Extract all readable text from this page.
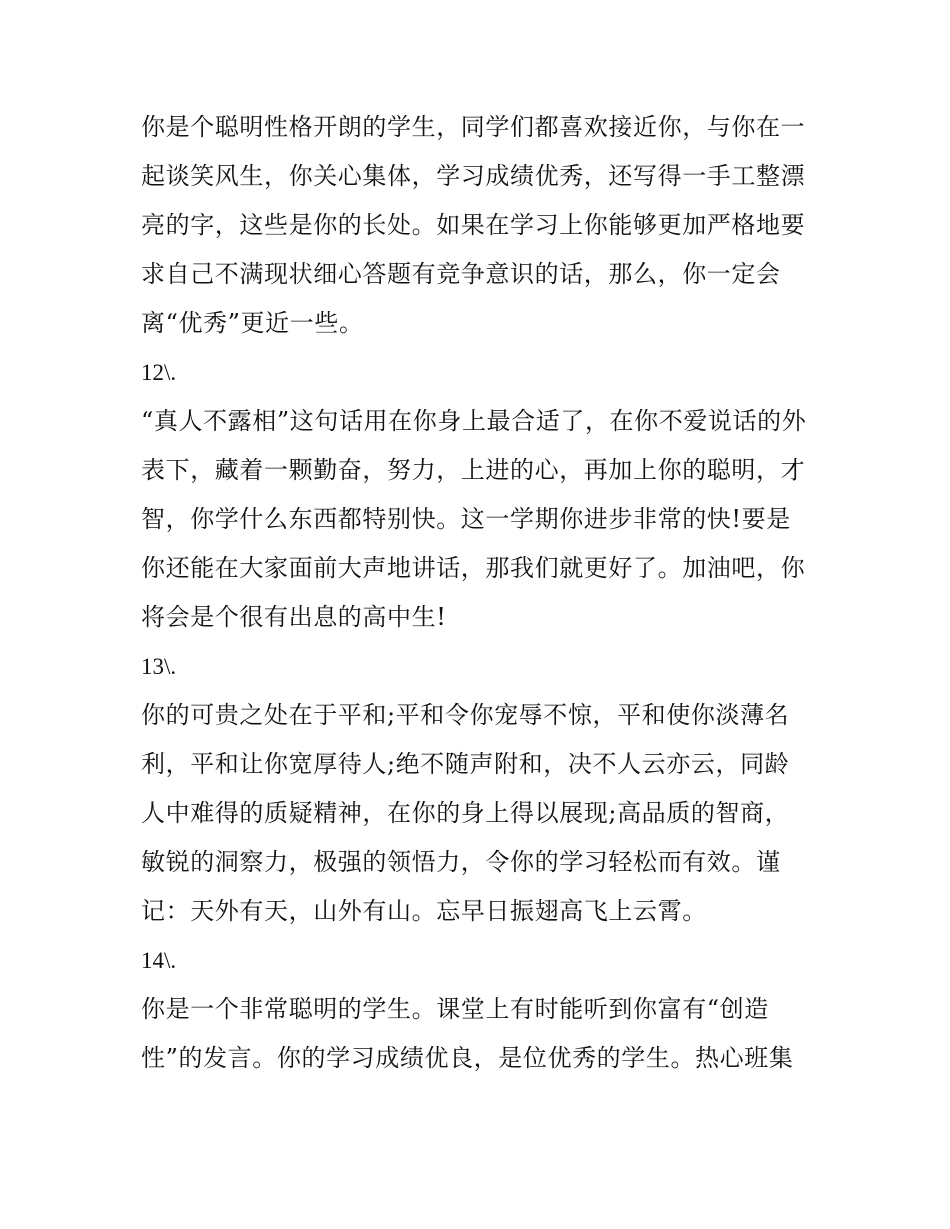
你是个聪明性格开朗的学生，同学们都喜欢接近你，与你在一
起谈笑风生，你关心集体，学习成绩优秀，还写得一手工整漂
亮的字，这些是你的长处。如果在学习上你能够更加严格地要
求自己不满现状细心答题有竞争意识的话，那么，你一定会
离“优秀”更近一些。

12\.

“真人不露相”这句话用在你身上最合适了，在你不爱说话的外
表下，藏着一颗勤奋，努力，上进的心，再加上你的聪明，才
智，你学什么东西都特别快。这一学期你进步非常的快!要是
你还能在大家面前大声地讲话，那我们就更好了。加油吧，你
将会是个很有出息的高中生!

13\.

你的可贵之处在于平和;平和令你宠辱不惊，平和使你淡薄名
利，平和让你宽厚待人;绝不随声附和，决不人云亦云，同龄
人中难得的质疑精神，在你的身上得以展现;高品质的智商，
敏锐的洞察力，极强的领悟力，令你的学习轻松而有效。谨
记：天外有天，山外有山。忘早日振翅高飞上云霄。

14\.

你是一个非常聪明的学生。课堂上有时能听到你富有“创造
性”的发言。你的学习成绩优良，是位优秀的学生。热心班集
